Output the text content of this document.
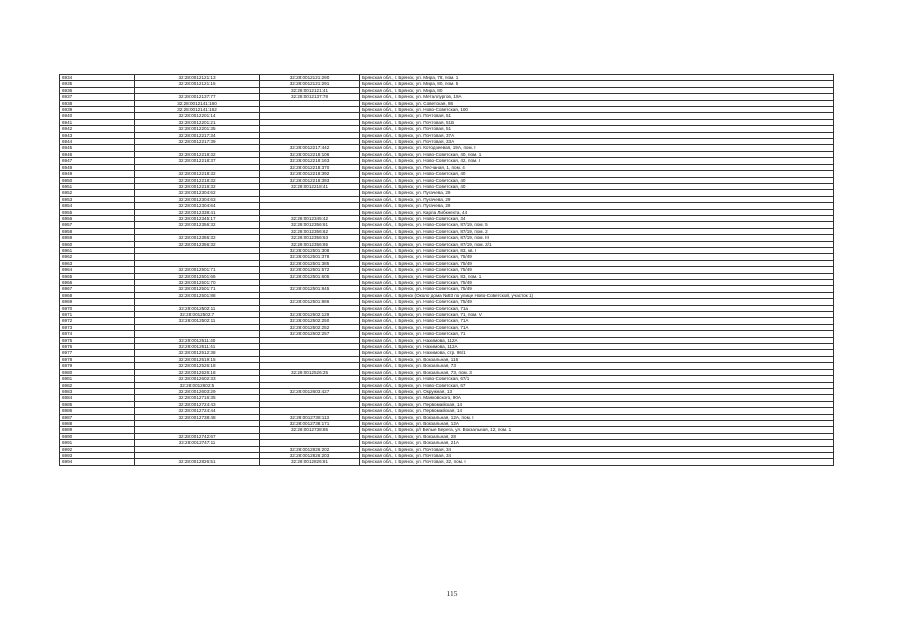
6934	32:28:0012121:13	32:28:0012121:290	Брянская обл., г. Брянск, ул. Мира, 78, пом. 1
6935	32:28:0012121:15	32:28:0012121:291	Брянская обл., г. Брянск, ул. Мира, 80, пом. 5
6936		32:28:0012121:41	Брянская обл., г. Брянск, ул. Мира, 80
6937	32:28:0012137:77	32:28:0012137:78	Брянская обл., г. Брянск, ул. Металлургов, 19А
6938	32:28:0012141:160		Брянская обл., г. Брянск, ул. Советская, 86
6939	32:28:0012141:162		Брянская обл., г. Брянск, ул. Ново-Советская, 100
6940	32:28:0012201:14		Брянская обл., г. Брянск, ул. Почтовая, 51
6941	32:28:0012201:21		Брянская обл., г. Брянск, ул. Почтовая, 51Б
6942	32:28:0012201:35		Брянская обл., г. Брянск, ул. Почтовая, 51
6943	32:28:0012217:34		Брянская обл., г. Брянск, ул. Почтовая, 37А
6944	32:28:0012217:39		Брянская обл., г. Брянск, ул. Почтовая, 33А
6945		32:28:0012217:442	Брянская обл., г. Брянск, ул. Котодзеевая, 19А, пом. I
6946	32:28:0012218:32	32:28:0012218:106	Брянская обл., г. Брянск, ул. Ново-Советская, 40, пом. 1
6947	32:28:0012218:37	32:28:0012218:163	Брянская обл., г. Брянск, ул. Ново-Советская, 42, пом. I
6948		32:28:0012218:370	Брянская обл., г. Брянск, ул. Песчаная, 1, пом. 4
6949	32:28:0012218:32	32:28:0012218:392	Брянская обл., г. Брянск, ул. Ново-Советская, 40
6950	32:28:0012218:32	32:28:0012218:393	Брянская обл., г. Брянск, ул. Ново-Советская, 40
6951	32:28:0012218:32	32:28:0012218:41	Брянская обл., г. Брянск, ул. Ново-Советская, 40
6952	32:28:0012304:62		Брянская обл., г. Брянск, ул. Пугачева, 29
6953	32:28:0012304:63		Брянская обл., г. Брянск, ул. Пугачева, 29
6954	32:28:0012304:64		Брянская обл., г. Брянск, ул. Пугачева, 29
6955	32:28:0012338:41		Брянская обл., г. Брянск, ул. Карла Либкнехта, 44
6956	32:28:0012345:17	32:28:0012345:42	Брянская обл., г. Брянск, ул. Ново-Советская, 34
6957	32:28:0012356:32	32:28:0012356:61	Брянская обл., г. Брянск, ул. Ново-Советская, 87/19, пом. 5
6958		32:28:0012356:62	Брянская обл., г. Брянск, ул. Ново-Советская, 87/19, пом. 2
6959	32:28:0012356:32	32:28:0012356:63	Брянская обл., г. Брянск, ул. Ново-Советская, 87/19, пом. III
6960	32:28:0012356:32	32:28:0012356:65	Брянская обл., г. Брянск, ул. Ново-Советская, 87/19, пом. 2/1
6961		32:28:0012501:308	Брянская обл., г. Брянск, ул. Ново-Советская, 83, кв. I
6962		32:28:0012501:378	Брянская обл., г. Брянск, ул. Ново-Советская, 75/49
6963		32:28:0012501:385	Брянская обл., г. Брянск, ул. Ново-Советская, 75/49
6964	32:28:0012501:71	32:28:0012501:572	Брянская обл., г. Брянск, ул. Ново-Советская, 75/49
6965	32:28:0012501:66	32:28:0012501:605	Брянская обл., г. Брянск, ул. Ново-Советская, 83, пом. 1
6966	32:28:0012501:70		Брянская обл., г. Брянск, ул. Ново-Советская, 75/49
6967	32:28:0012501:71	32:28:0012501:845	Брянская обл., г. Брянск, ул. Ново-Советская, 75/49
6968	32:28:0012501:88		Брянская обл., г. Брянск (Около дома №83 по улице Ново-Советской, участок 1)
6969		32:28:0012501:886	Брянская обл., г. Брянск, ул. Ново-Советская, 75/49
6970	32:28:0012502:11		Брянская обл., г. Брянск, ул. Ново-Советская, 71а
6971	32:28:0012502:7	32:28:0012502:129	Брянская обл., г. Брянск, ул. Ново-Советская, 71, пом. V
6972	32:28:0012502:11	32:28:0012502:250	Брянская обл., г. Брянск, ул. Ново-Советская, 71А
6973		32:28:0012502:252	Брянская обл., г. Брянск, ул. Ново-Советская, 71А
6974		32:28:0012502:257	Брянская обл., г. Брянск, ул. Ново-Советская, 71
6975	32:28:0012511:40		Брянская обл., г. Брянск, ул. Нахимова, 112А
6976	32:28:0012511:41		Брянская обл., г. Брянск, ул. Нахимова, 112А
6977	32:28:0012512:38		Брянская обл., г. Брянск, ул. Нахимова, стр. 96/1
6978	32:28:0012519:15		Брянская обл., г. Брянск, ул. Вокзальная, 116
6979	32:28:0012526:18		Брянская обл., г. Брянск, ул. Вокзальная, 73
6980	32:28:0012526:18	32:28:0012526:25	Брянская обл., г. Брянск, ул. Вокзальная, 73, пом. 3
6981	32:28:0012602:33		Брянская обл., г. Брянск, ул. Ново-Советская, 67/1
6982	32:28:0012602:5		Брянская обл., г. Брянск, ул. Ново-Советская, 67
6983	32:28:0012603:29	32:28:0012603:427	Брянская обл., г. Брянск, ул. Окружная, 13
6984	32:28:0012716:35		Брянская обл., г. Брянск, ул. Маяковского, 90А
6985	32:28:0012724:43		Брянская обл., г. Брянск, ул. Первомайская, 14
6986	32:28:0012724:44		Брянская обл., г. Брянск, ул. Первомайская, 14
6987	32:28:0012738:48	32:28:0012738:113	Брянская обл., г. Брянск, ул. Вокзальная, 12А, пом. I
6988		32:28:0012738:171	Брянская обл., г. Брянск, ул. Вокзальная, 12А
6989		32:28:0012738:85	Брянская обл., г. Брянск, р/г Белые Берега, ул. Вокзальная, 12, пом. 1
6990	32:28:0012742:67		Брянская обл., г. Брянск, ул. Вокзальная, 28
6991	32:28:0012747:11		Брянская обл., г. Брянск, ул. Вокзальная, 21А
6992		32:28:0012826:202	Брянская обл., г. Брянск, ул. Почтовая, 34
6993		32:28:0012826:203	Брянская обл., г. Брянск, ул. Почтовая, 34
6994	32:28:0012826:51	32:28:0012826:81	Брянская обл., г. Брянск, ул. Почтовая, 32, пом. I
115
